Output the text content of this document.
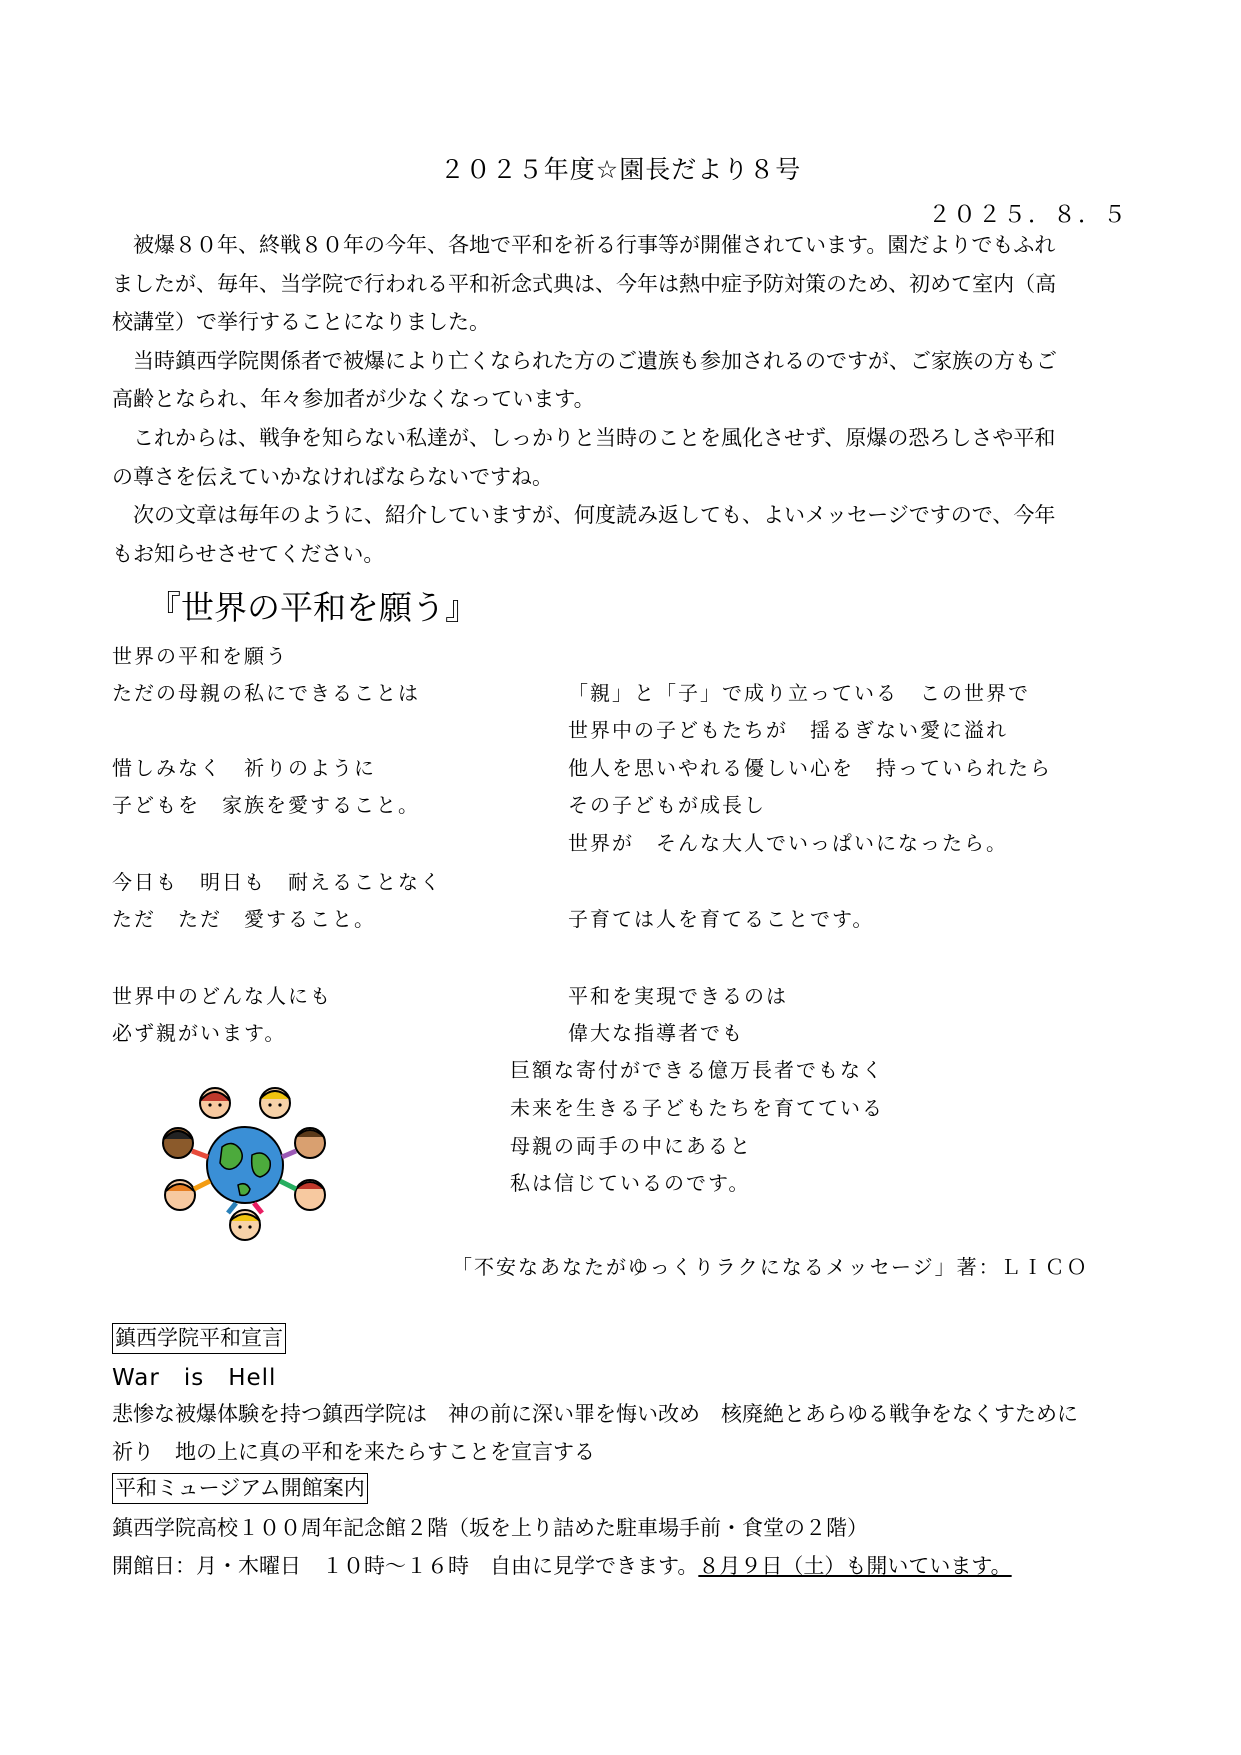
２０２５年度☆園長だより８号
２０２５．８．５

被爆８０年、終戦８０年の今年、各地で平和を祈る行事等が開催されています。園だよりでもふれ

ましたが、毎年、当学院で行われる平和祈念式典は、今年は熱中症予防対策のため、初めて室内（高

校講堂）で挙行することになりました。

当時鎮西学院関係者で被爆により亡くなられた方のご遺族も参加されるのですが、ご家族の方もご

高齢となられ、年々参加者が少なくなっています。

これからは、戦争を知らない私達が、しっかりと当時のことを風化させず、原爆の恐ろしさや平和

の尊さを伝えていかなければならないですね。

次の文章は毎年のように、紹介していますが、何度読み返しても、よいメッセージですので、今年

もお知らせさせてください。

『世界の平和を願う』
世界の平和を願う
ただの母親の私にできることは
惜しみなく　祈りのように
子どもを　家族を愛すること。
今日も　明日も　耐えることなく
ただ　ただ　愛すること。
世界中のどんな人にも
必ず親がいます。
「親」と「子」で成り立っている　この世界で
世界中の子どもたちが　揺るぎない愛に溢れ
他人を思いやれる優しい心を　持っていられたら
その子どもが成長し
世界が　そんな大人でいっぱいになったら。
子育ては人を育てることです。
平和を実現できるのは
偉大な指導者でも
巨額な寄付ができる億万長者でもなく
未来を生きる子どもたちを育てている
母親の両手の中にあると
私は信じているのです。
「不安なあなたがゆっくりラクになるメッセージ」著：ＬＩＣＯ
鎮西学院平和宣言
War　is　Hell
悲惨な被爆体験を持つ鎮西学院は　神の前に深い罪を悔い改め　核廃絶とあらゆる戦争をなくすために
祈り　地の上に真の平和を来たらすことを宣言する
平和ミュージアム開館案内
鎮西学院高校１００周年記念館２階（坂を上り詰めた駐車場手前・食堂の２階）
開館日：月・木曜日　１０時～１６時　自由に見学できます。８月９日（土）も開いています。
